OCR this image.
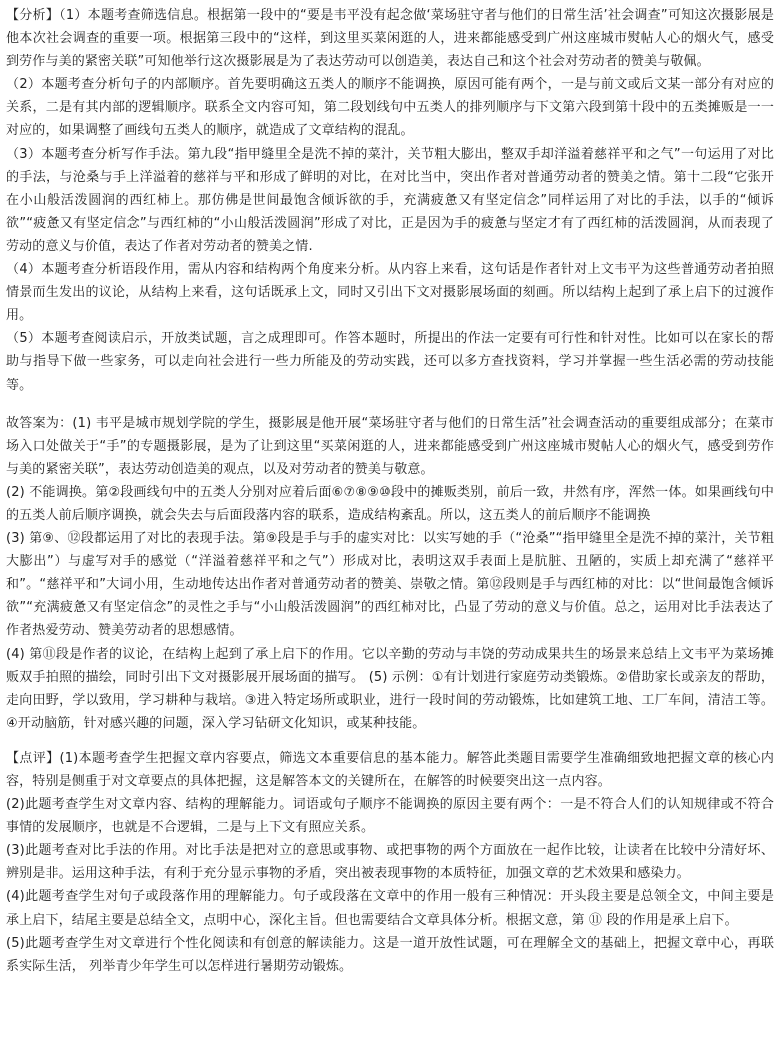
【分析】（1）本题考查筛选信息。根据第一段中的“要是韦平没有起念做‘菜场驻守者与他们的日常生活’社会调查”可知这次摄影展是他本次社会调查的重要一项。根据第三段中的“这样，到这里买菜闲逛的人，进来都能感受到广州这座城市熨帖人心的烟火气，感受到劳作与美的紧密关联”可知他举行这次摄影展是为了表达劳动可以创造美，表达自己和这个社会对劳动者的赞美与敬佩。

（2）本题考查分析句子的内部顺序。首先要明确这五类人的顺序不能调换，原因可能有两个，一是与前文或后文某一部分有对应的关系，二是有其内部的逻辑顺序。联系全文内容可知，第二段划线句中五类人的排列顺序与下文第六段到第十段中的五类摊贩是一一对应的，如果调整了画线句五类人的顺序，就造成了文章结构的混乱。

（3）本题考查分析写作手法。第九段“指甲缝里全是洗不掉的菜汁，关节粗大膨出，整双手却洋溢着慈祥平和之气”一句运用了对比的手法，与沧桑与手上洋溢着的慈祥与平和形成了鲜明的对比，在对比当中，突出作者对普通劳动者的赞美之情。第十二段“它张开在小山般活泼圆润的西红柿上。那仿佛是世间最饱含倾诉欲的手，充满疲惫又有坚定信念”同样运用了对比的手法，以手的“倾诉欲”“疲惫又有坚定信念”与西红柿的“小山般活泼圆润”形成了对比，正是因为手的疲惫与坚定才有了西红柿的活泼圆润，从而表现了劳动的意义与价值，表达了作者对劳动者的赞美之情.

（4）本题考查分析语段作用，需从内容和结构两个角度来分析。从内容上来看，这句话是作者针对上文韦平为这些普通劳动者拍照情景而生发出的议论，从结构上来看，这句话既承上文，同时又引出下文对摄影展场面的刻画。所以结构上起到了承上启下的过渡作用。

（5）本题考查阅读启示，开放类试题，言之成理即可。作答本题时，所提出的作法一定要有可行性和针对性。比如可以在家长的帮助与指导下做一些家务，可以走向社会进行一些力所能及的劳动实践，还可以多方查找资料，学习并掌握一些生活必需的劳动技能等。

故答案为：(1) 韦平是城市规划学院的学生，摄影展是他开展“菜场驻守者与他们的日常生活”社会调查活动的重要组成部分；在菜市场入口处做关于“手”的专题摄影展，是为了让到这里“买菜闲逛的人，进来都能感受到广州这座城市熨帖人心的烟火气，感受到劳作与美的紧密关联”，表达劳动创造美的观点，以及对劳动者的赞美与敬意。

(2) 不能调换。第②段画线句中的五类人分别对应着后面⑥⑦⑧⑨⑩段中的摊贩类别，前后一致，井然有序，浑然一体。如果画线句中的五类人前后顺序调换，就会失去与后面段落内容的联系，造成结构紊乱。所以，这五类人的前后顺序不能调换

(3) 第⑨、⑫段都运用了对比的表现手法。第⑨段是手与手的虚实对比：以实写她的手（“沧桑”“指甲缝里全是洗不掉的菜汁，关节粗大膨出”）与虚写对手的感觉（“洋溢着慈祥平和之气”）形成对比，表明这双手表面上是肮脏、丑陋的，实质上却充满了“慈祥平和”。“慈祥平和”大词小用，生动地传达出作者对普通劳动者的赞美、崇敬之情。第⑫段则是手与西红柿的对比：以“世间最饱含倾诉欲”“充满疲惫又有坚定信念”的灵性之手与“小山般活泼圆润”的西红柿对比，凸显了劳动的意义与价值。总之，运用对比手法表达了作者热爱劳动、赞美劳动者的思想感情。

(4) 第⑪段是作者的议论，在结构上起到了承上启下的作用。它以辛勤的劳动与丰饶的劳动成果共生的场景来总结上文韦平为菜场摊贩双手拍照的描绘，同时引出下文对摄影展开展场面的描写。 (5) 示例：①有计划进行家庭劳动类锻炼。②借助家长或亲友的帮助，走向田野，学以致用，学习耕种与栽培。③进入特定场所或职业，进行一段时间的劳动锻炼，比如建筑工地、工厂车间，清洁工等。④开动脑筋，针对感兴趣的问题，深入学习钻研文化知识，或某种技能。

【点评】(1)本题考查学生把握文章内容要点，筛选文本重要信息的基本能力。解答此类题目需要学生准确细致地把握文章的核心内容，特别是侧重于对文章要点的具体把握，这是解答本文的关键所在，在解答的时候要突出这一点内容。

(2)此题考查学生对文章内容、结构的理解能力。词语或句子顺序不能调换的原因主要有两个：一是不符合人们的认知规律或不符合事情的发展顺序，也就是不合逻辑，二是与上下文有照应关系。

(3)此题考查对比手法的作用。对比手法是把对立的意思或事物、或把事物的两个方面放在一起作比较，让读者在比较中分清好坏、辨别是非。运用这种手法，有利于充分显示事物的矛盾，突出被表现事物的本质特征，加强文章的艺术效果和感染力。

(4)此题考查学生对句子或段落作用的理解能力。句子或段落在文章中的作用一般有三种情况：开头段主要是总领全文，中间主要是承上启下，结尾主要是总结全文，点明中心，深化主旨。但也需要结合文章具体分析。根据文意，第 ⑪ 段的作用是承上启下。

(5)此题考查学生对文章进行个性化阅读和有创意的解读能力。这是一道开放性试题，可在理解全文的基础上，把握文章中心，再联系实际生活， 列举青少年学生可以怎样进行暑期劳动锻炼。
